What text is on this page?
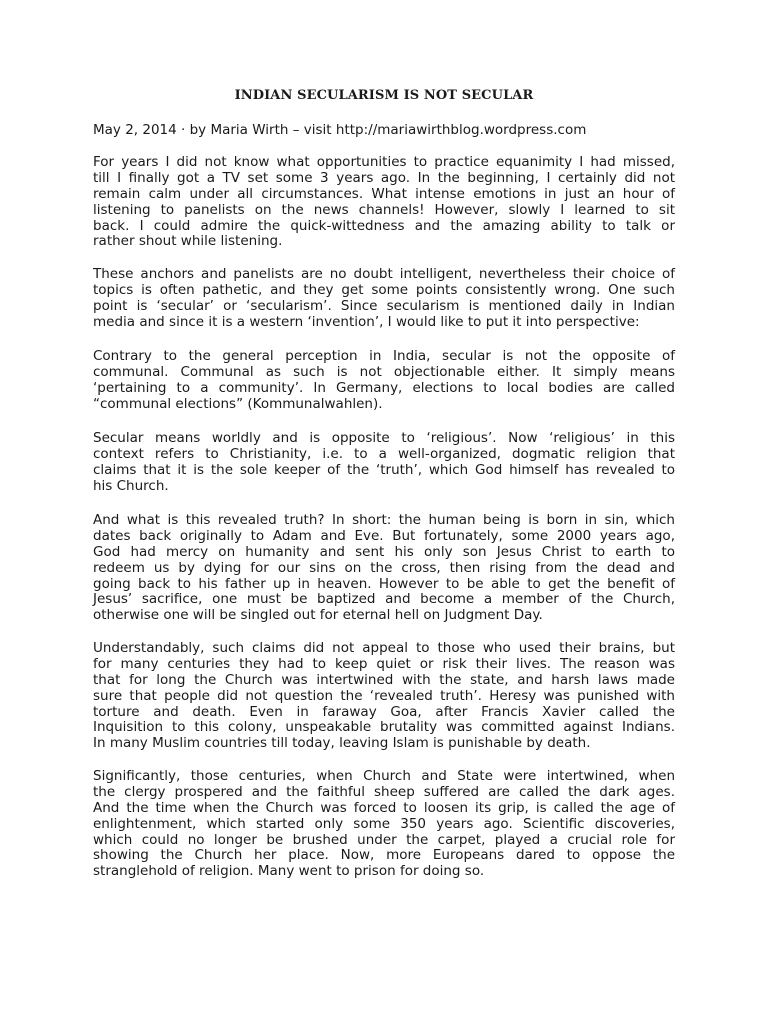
INDIAN SECULARISM IS NOT SECULAR
May 2, 2014 · by Maria Wirth – visit http://mariawirthblog.wordpress.com
For years I did not know what opportunities to practice equanimity I had missed,
till I finally got a TV set some 3 years ago. In the beginning, I certainly did not
remain calm under all circumstances. What intense emotions in just an hour of
listening to panelists on the news channels! However, slowly I learned to sit
back. I could admire the quick-wittedness and the amazing ability to talk or
rather shout while listening.
These anchors and panelists are no doubt intelligent, nevertheless their choice of
topics is often pathetic, and they get some points consistently wrong. One such
point is ‘secular’ or ‘secularism’. Since secularism is mentioned daily in Indian
media and since it is a western ‘invention’, I would like to put it into perspective:
Contrary to the general perception in India, secular is not the opposite of
communal. Communal as such is not objectionable either. It simply means
‘pertaining to a community’. In Germany, elections to local bodies are called
“communal elections” (Kommunalwahlen).
Secular means worldly and is opposite to ‘religious’. Now ‘religious’ in this
context refers to Christianity, i.e. to a well-organized, dogmatic religion that
claims that it is the sole keeper of the ‘truth’, which God himself has revealed to
his Church.
And what is this revealed truth? In short: the human being is born in sin, which
dates back originally to Adam and Eve. But fortunately, some 2000 years ago,
God had mercy on humanity and sent his only son Jesus Christ to earth to
redeem us by dying for our sins on the cross, then rising from the dead and
going back to his father up in heaven. However to be able to get the benefit of
Jesus’ sacrifice, one must be baptized and become a member of the Church,
otherwise one will be singled out for eternal hell on Judgment Day.
Understandably, such claims did not appeal to those who used their brains, but
for many centuries they had to keep quiet or risk their lives. The reason was
that for long the Church was intertwined with the state, and harsh laws made
sure that people did not question the ‘revealed truth’. Heresy was punished with
torture and death. Even in faraway Goa, after Francis Xavier called the
Inquisition to this colony, unspeakable brutality was committed against Indians.
In many Muslim countries till today, leaving Islam is punishable by death.
Significantly, those centuries, when Church and State were intertwined, when
the clergy prospered and the faithful sheep suffered are called the dark ages.
And the time when the Church was forced to loosen its grip, is called the age of
enlightenment, which started only some 350 years ago. Scientific discoveries,
which could no longer be brushed under the carpet, played a crucial role for
showing the Church her place. Now, more Europeans dared to oppose the
stranglehold of religion. Many went to prison for doing so.
